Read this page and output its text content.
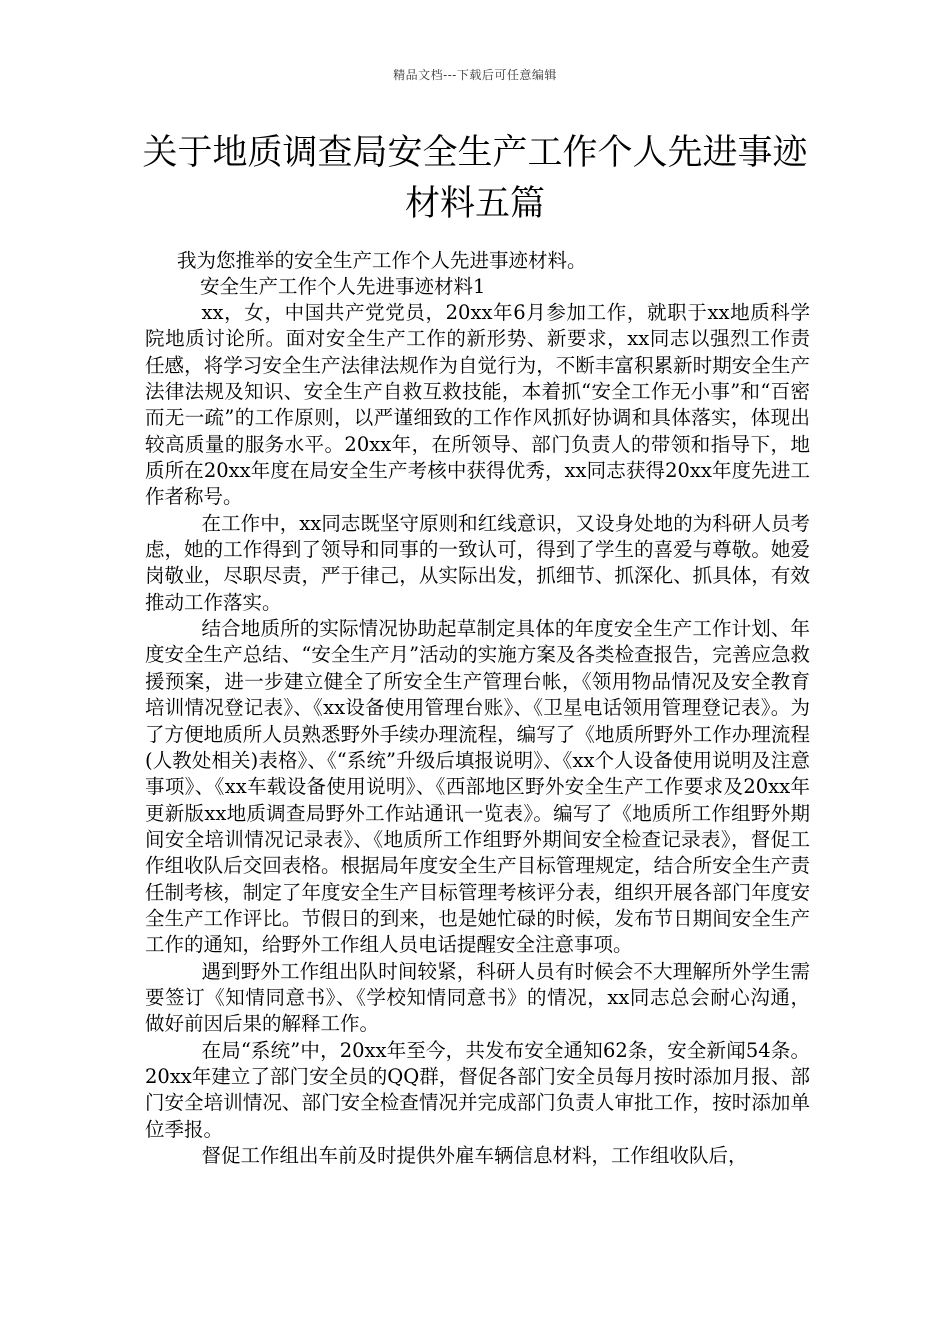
精品文档---下载后可任意编辑
关于地质调查局安全生产工作个人先进事迹材料五篇

我为您推举的安全生产工作个人先进事迹材料。

安全生产工作个人先进事迹材料1

xx，女，中国共产党党员，20xx年6月参加工作，就职于xx地质科学院地质讨论所。面对安全生产工作的新形势、新要求，xx同志以强烈工作责任感，将学习安全生产法律法规作为自觉行为，不断丰富积累新时期安全生产法律法规及知识、安全生产自救互救技能，本着抓“安全工作无小事”和“百密而无一疏”的工作原则，以严谨细致的工作作风抓好协调和具体落实，体现出较高质量的服务水平。20xx年，在所领导、部门负责人的带领和指导下，地质所在20xx年度在局安全生产考核中获得优秀，xx同志获得20xx年度先进工作者称号。

在工作中，xx同志既坚守原则和红线意识，又设身处地的为科研人员考虑，她的工作得到了领导和同事的一致认可，得到了学生的喜爱与尊敬。她爱岗敬业，尽职尽责，严于律己，从实际出发，抓细节、抓深化、抓具体，有效推动工作落实。

结合地质所的实际情况协助起草制定具体的年度安全生产工作计划、年度安全生产总结、“安全生产月”活动的实施方案及各类检查报告，完善应急救援预案，进一步建立健全了所安全生产管理台帐，《领用物品情况及安全教育培训情况登记表》、《xx设备使用管理台账》、《卫星电话领用管理登记表》。为了方便地质所人员熟悉野外手续办理流程，编写了《地质所野外工作办理流程(人教处相关)表格》、《“系统”升级后填报说明》、《xx个人设备使用说明及注意事项》、《xx车载设备使用说明》、《西部地区野外安全生产工作要求及20xx年更新版xx地质调查局野外工作站通讯一览表》。编写了《地质所工作组野外期间安全培训情况记录表》、《地质所工作组野外期间安全检查记录表》，督促工作组收队后交回表格。根据局年度安全生产目标管理规定，结合所安全生产责任制考核，制定了年度安全生产目标管理考核评分表，组织开展各部门年度安全生产工作评比。节假日的到来，也是她忙碌的时候，发布节日期间安全生产工作的通知，给野外工作组人员电话提醒安全注意事项。

遇到野外工作组出队时间较紧，科研人员有时候会不大理解所外学生需要签订《知情同意书》、《学校知情同意书》的情况，xx同志总会耐心沟通，做好前因后果的解释工作。

在局“系统”中，20xx年至今，共发布安全通知62条，安全新闻54条。20xx年建立了部门安全员的QQ群，督促各部门安全员每月按时添加月报、部门安全培训情况、部门安全检查情况并完成部门负责人审批工作，按时添加单位季报。

督促工作组出车前及时提供外雇车辆信息材料，工作组收队后，
